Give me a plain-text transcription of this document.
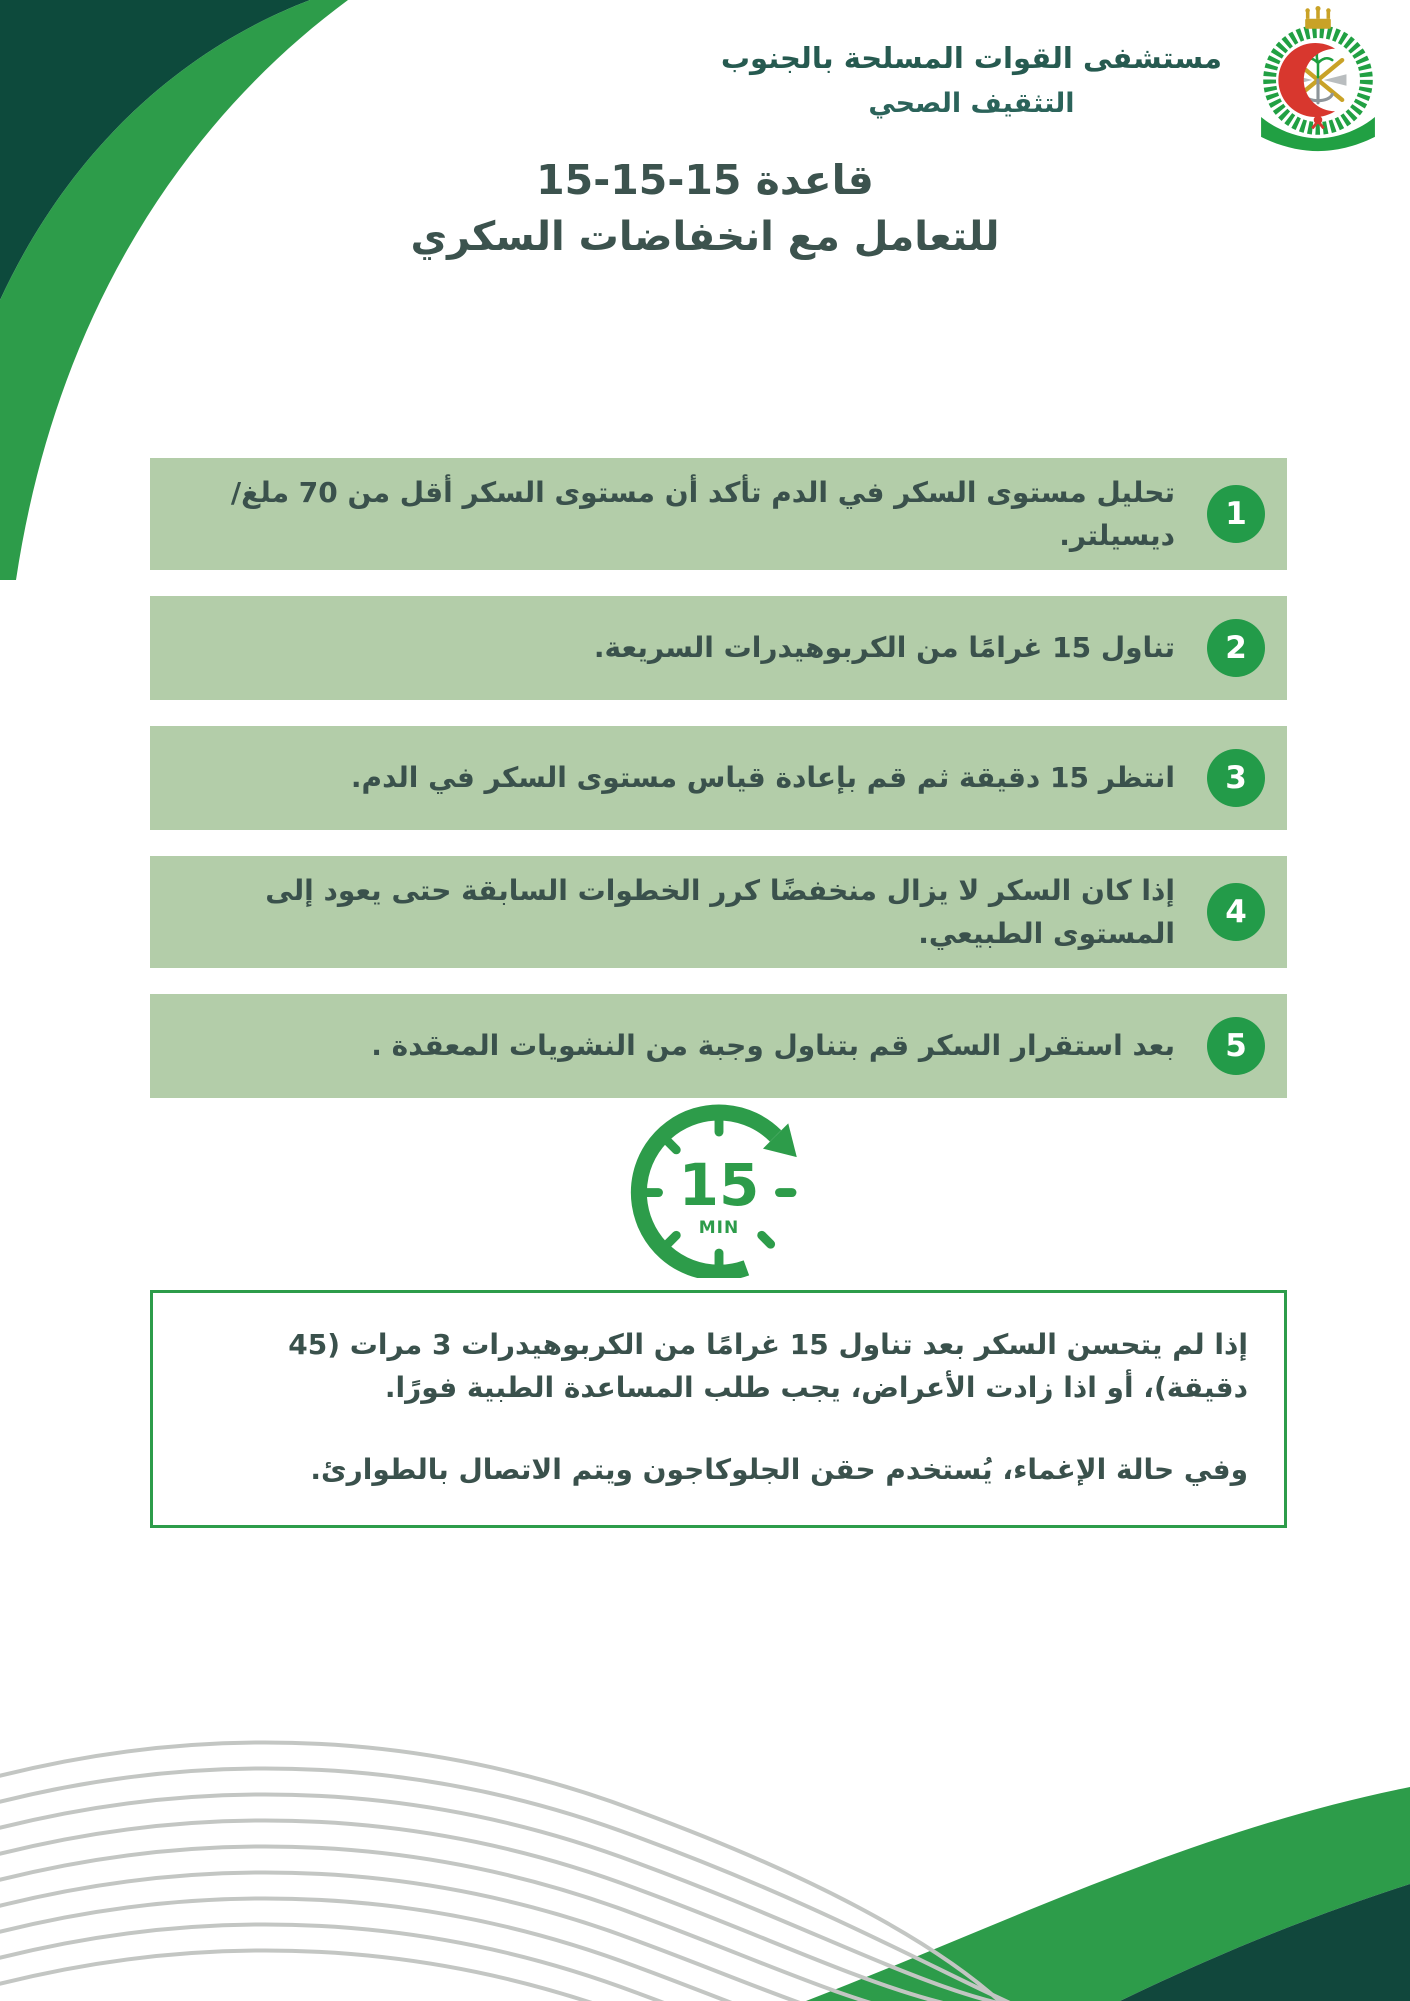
مستشفى القوات المسلحة بالجنوب
التثقيف الصحي
قاعدة 15-15-15
للتعامل مع انخفاضات السكري
تحليل مستوى السكر في الدم تأكد أن مستوى السكر أقل من 70 ملغ/ ديسيلتر.
1
تناول 15 غرامًا من الكربوهيدرات السريعة.	2
انتظر 15 دقيقة ثم قم بإعادة قياس مستوى السكر في الدم.	3
إذا كان السكر لا يزال منخفضًا كرر الخطوات السابقة حتى يعود إلى المستوى الطبيعي.
4
بعد استقرار السكر قم بتناول وجبة من النشويات المعقدة .	5
15
MIN

إذا لم يتحسن السكر بعد تناول 15 غرامًا من الكربوهيدرات 3 مرات (45 دقيقة)، أو اذا زادت الأعراض، يجب طلب المساعدة الطبية فورًا.

وفي حالة الإغماء، يُستخدم حقن الجلوكاجون ويتم الاتصال بالطوارئ.
